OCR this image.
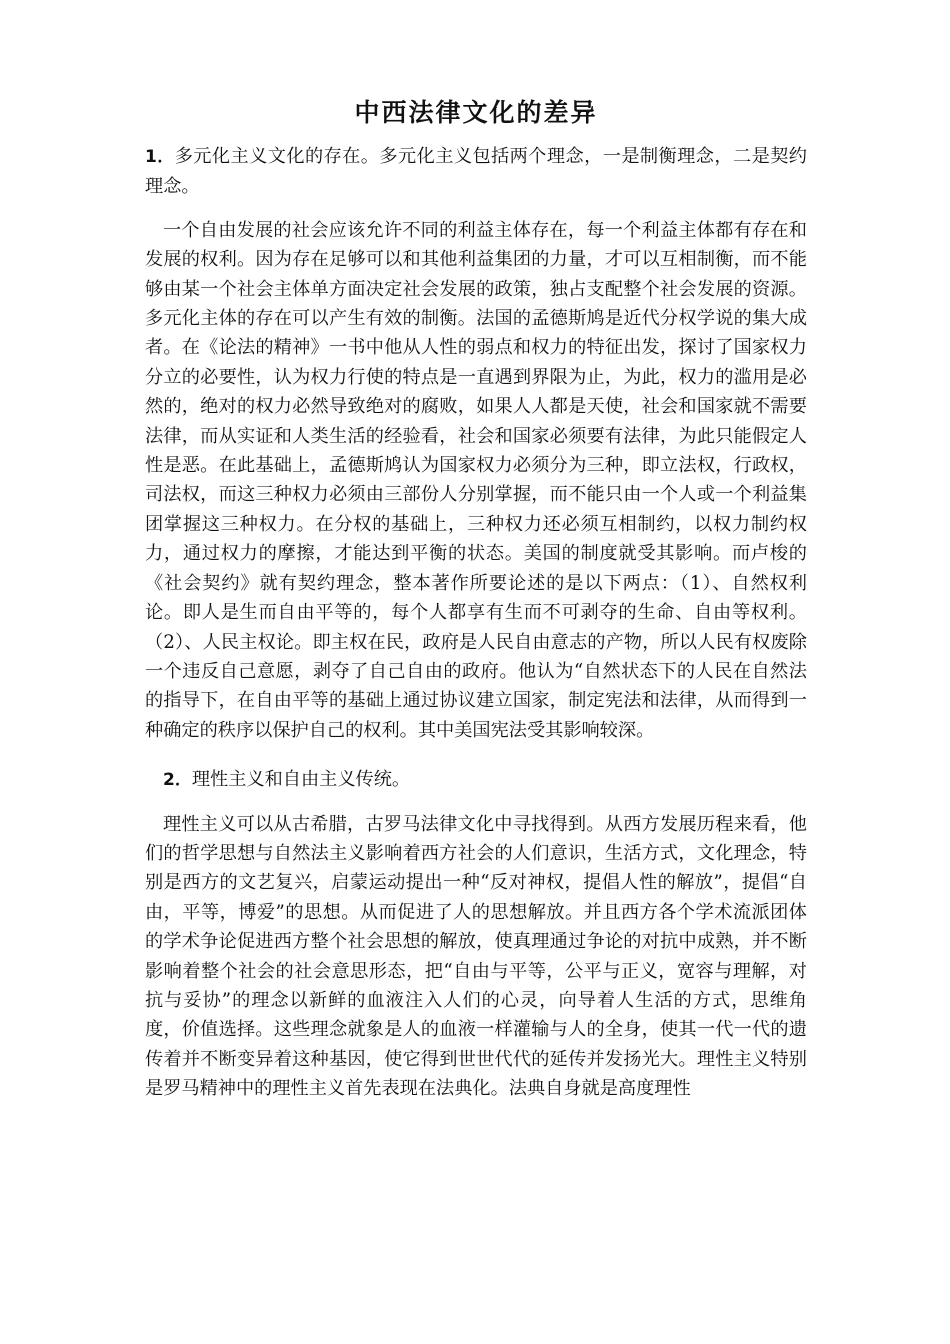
中西法律文化的差异

1．多元化主义文化的存在。多元化主义包括两个理念，一是制衡理念，二是契约理念。

一个自由发展的社会应该允许不同的利益主体存在，每一个利益主体都有存在和发展的权利。因为存在足够可以和其他利益集团的力量，才可以互相制衡，而不能够由某一个社会主体单方面决定社会发展的政策，独占支配整个社会发展的资源。多元化主体的存在可以产生有效的制衡。法国的孟德斯鸠是近代分权学说的集大成者。在《论法的精神》一书中他从人性的弱点和权力的特征出发，探讨了国家权力分立的必要性，认为权力行使的特点是一直遇到界限为止，为此，权力的滥用是必然的，绝对的权力必然导致绝对的腐败，如果人人都是天使，社会和国家就不需要法律，而从实证和人类生活的经验看，社会和国家必须要有法律，为此只能假定人性是恶。在此基础上，孟德斯鸠认为国家权力必须分为三种，即立法权，行政权，司法权，而这三种权力必须由三部份人分别掌握，而不能只由一个人或一个利益集团掌握这三种权力。在分权的基础上，三种权力还必须互相制约，以权力制约权力，通过权力的摩擦，才能达到平衡的状态。美国的制度就受其影响。而卢梭的《社会契约》就有契约理念，整本著作所要论述的是以下两点：（1）、自然权利论。即人是生而自由平等的，每个人都享有生而不可剥夺的生命、自由等权利。（2）、人民主权论。即主权在民，政府是人民自由意志的产物，所以人民有权废除一个违反自己意愿，剥夺了自己自由的政府。他认为“自然状态下的人民在自然法的指导下，在自由平等的基础上通过协议建立国家，制定宪法和法律，从而得到一种确定的秩序以保护自己的权利。其中美国宪法受其影响较深。

2．理性主义和自由主义传统。

理性主义可以从古希腊，古罗马法律文化中寻找得到。从西方发展历程来看，他们的哲学思想与自然法主义影响着西方社会的人们意识，生活方式，文化理念，特别是西方的文艺复兴，启蒙运动提出一种“反对神权，提倡人性的解放”，提倡“自由，平等，博爱”的思想。从而促进了人的思想解放。并且西方各个学术流派团体的学术争论促进西方整个社会思想的解放，使真理通过争论的对抗中成熟，并不断影响着整个社会的社会意思形态，把“自由与平等，公平与正义，宽容与理解，对抗与妥协”的理念以新鲜的血液注入人们的心灵，向导着人生活的方式，思维角度，价值选择。这些理念就象是人的血液一样灌输与人的全身，使其一代一代的遗传着并不断变异着这种基因，使它得到世世代代的延传并发扬光大。理性主义特别是罗马精神中的理性主义首先表现在法典化。法典自身就是高度理性
